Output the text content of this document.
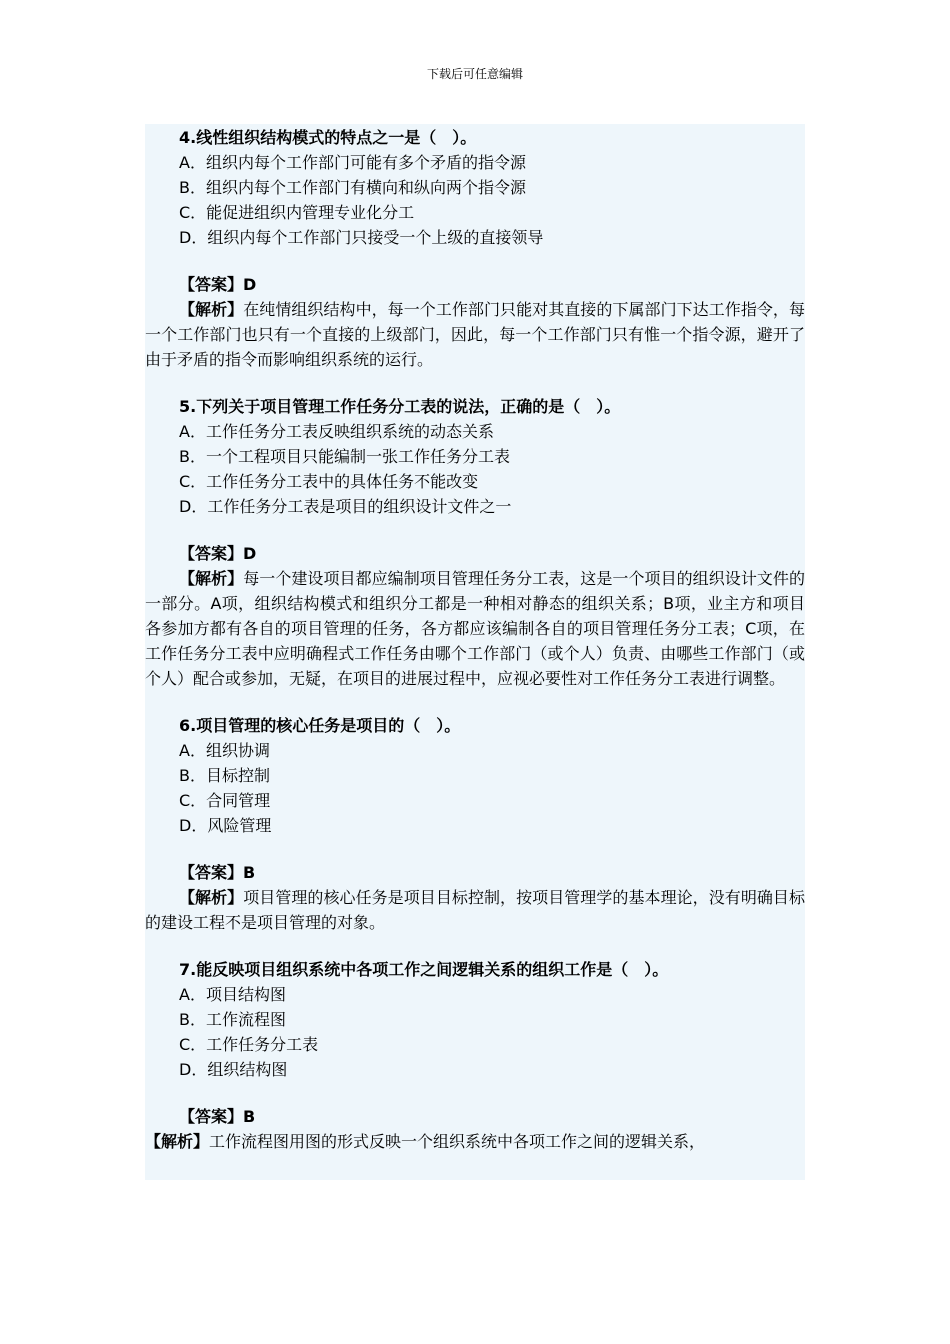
下载后可任意编辑
4.线性组织结构模式的特点之一是（　）。
A．组织内每个工作部门可能有多个矛盾的指令源
B．组织内每个工作部门有横向和纵向两个指令源
C．能促进组织内管理专业化分工
D．组织内每个工作部门只接受一个上级的直接领导
【答案】D

【解析】在纯情组织结构中，每一个工作部门只能对其直接的下属部门下达工作指令，每一个工作部门也只有一个直接的上级部门，因此，每一个工作部门只有惟一个指令源，避开了由于矛盾的指令而影响组织系统的运行。

5.下列关于项目管理工作任务分工表的说法，正确的是（　）。
A．工作任务分工表反映组织系统的动态关系
B．一个工程项目只能编制一张工作任务分工表
C．工作任务分工表中的具体任务不能改变
D．工作任务分工表是项目的组织设计文件之一
【答案】D

【解析】每一个建设项目都应编制项目管理任务分工表，这是一个项目的组织设计文件的一部分。A项，组织结构模式和组织分工都是一种相对静态的组织关系；B项，业主方和项目各参加方都有各自的项目管理的任务，各方都应该编制各自的项目管理任务分工表；C项，在工作任务分工表中应明确程式工作任务由哪个工作部门（或个人）负责、由哪些工作部门（或个人）配合或参加，无疑，在项目的进展过程中，应视必要性对工作任务分工表进行调整。

6.项目管理的核心任务是项目的（　）。
A．组织协调
B．目标控制
C．合同管理
D．风险管理
【答案】B

【解析】项目管理的核心任务是项目目标控制，按项目管理学的基本理论，没有明确目标的建设工程不是项目管理的对象。

7.能反映项目组织系统中各项工作之间逻辑关系的组织工作是（　）。
A．项目结构图
B．工作流程图
C．工作任务分工表
D．组织结构图
【答案】B

【解析】工作流程图用图的形式反映一个组织系统中各项工作之间的逻辑关系，
